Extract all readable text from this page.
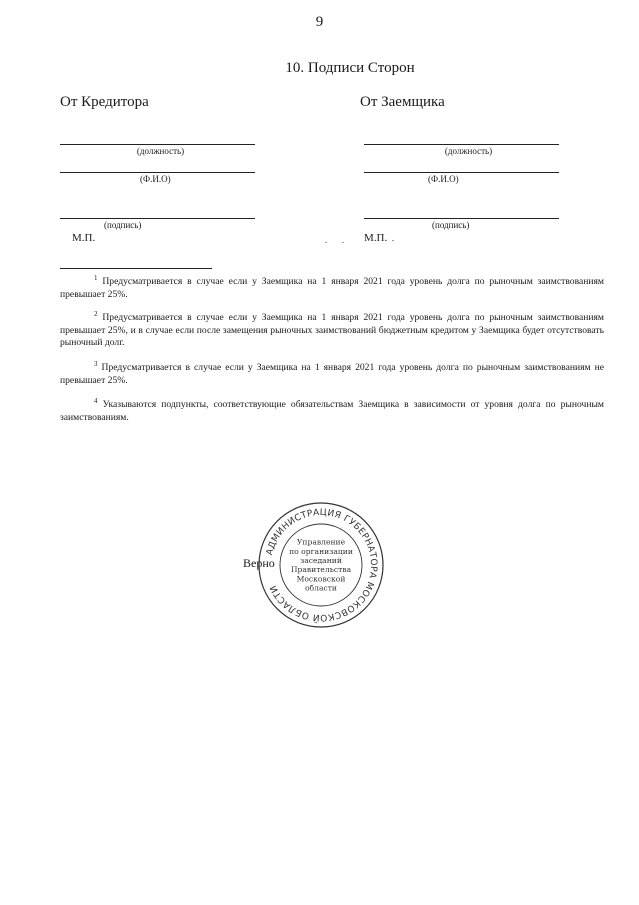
9
10. Подписи Сторон
От Кредитора
(должность)
(Ф.И.О)
(подпись)
М.П.
От Заемщика
(должность)
(Ф.И.О)
(подпись)
М.П.
$^1$ Предусматривается в случае если у Заемщика на 1 января 2021 года уровень долга по рыночным заимствованиям превышает 25%.
$^2$ Предусматривается в случае если у Заемщика на 1 января 2021 года уровень долга по рыночным заимствованиям превышает 25%, и в случае если после замещения рыночных заимствований бюджетным кредитом у Заемщика будет отсутствовать рыночный долг.
$^3$ Предусматривается в случае если у Заемщика на 1 января 2021 года уровень долга по рыночным заимствованиям не превышает 25%.
$^4$ Указываются подпункты, соответствующие обязательствам Заемщика в зависимости от уровня долга по рыночным заимствованиям.
Верно
АДМИНИСТРАЦИЯ ГУБЕРНАТОРА МОСКОВСКОЙ ОБЛАСТИ
Управление
по организации
заседаний
Правительства
Московской
области
